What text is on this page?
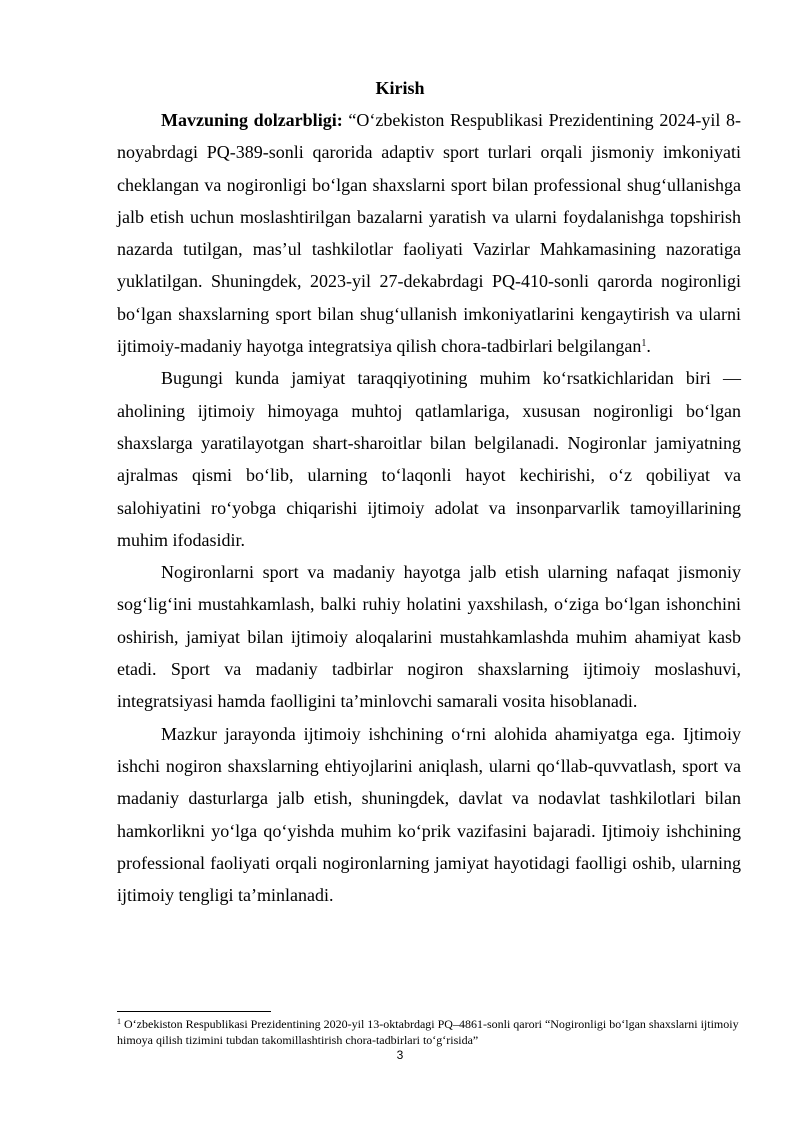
Kirish

Mavzuning dolzarbligi: “O‘zbekiston Respublikasi Prezidentining 2024-yil 8-noyabrdagi PQ-389-sonli qarorida adaptiv sport turlari orqali jismoniy imkoniyati cheklangan va nogironligi bo‘lgan shaxslarni sport bilan professional shug‘ullanishga jalb etish uchun moslashtirilgan bazalarni yaratish va ularni foydalanishga topshirish nazarda tutilgan, mas’ul tashkilotlar faoliyati Vazirlar Mahkamasining nazoratiga yuklatilgan. Shuningdek, 2023-yil 27-dekabrdagi PQ-410-sonli qarorda nogironligi bo‘lgan shaxslarning sport bilan shug‘ullanish imkoniyatlarini kengaytirish va ularni ijtimoiy-madaniy hayotga integratsiya qilish chora-tadbirlari belgilangan$^1$.

Bugungi kunda jamiyat taraqqiyotining muhim ko‘rsatkichlaridan biri — aholining ijtimoiy himoyaga muhtoj qatlamlariga, xususan nogironligi bo‘lgan shaxslarga yaratilayotgan shart-sharoitlar bilan belgilanadi. Nogironlar jamiyatning ajralmas qismi bo‘lib, ularning to‘laqonli hayot kechirishi, o‘z qobiliyat va salohiyatini ro‘yobga chiqarishi ijtimoiy adolat va insonparvarlik tamoyillarining muhim ifodasidir.

Nogironlarni sport va madaniy hayotga jalb etish ularning nafaqat jismoniy sog‘lig‘ini mustahkamlash, balki ruhiy holatini yaxshilash, o‘ziga bo‘lgan ishonchini oshirish, jamiyat bilan ijtimoiy aloqalarini mustahkamlashda muhim ahamiyat kasb etadi. Sport va madaniy tadbirlar nogiron shaxslarning ijtimoiy moslashuvi, integratsiyasi hamda faolligini ta’minlovchi samarali vosita hisoblanadi.

Mazkur jarayonda ijtimoiy ishchining o‘rni alohida ahamiyatga ega. Ijtimoiy ishchi nogiron shaxslarning ehtiyojlarini aniqlash, ularni qo‘llab-quvvatlash, sport va madaniy dasturlarga jalb etish, shuningdek, davlat va nodavlat tashkilotlari bilan hamkorlikni yo‘lga qo‘yishda muhim ko‘prik vazifasini bajaradi. Ijtimoiy ishchining professional faoliyati orqali nogironlarning jamiyat hayotidagi faolligi oshib, ularning ijtimoiy tengligi ta’minlanadi.

$^1$ O‘zbekiston Respublikasi Prezidentining 2020-yil 13-oktabrdagi PQ–4861-sonli qarori “Nogironligi bo‘lgan shaxslarni ijtimoiy himoya qilish tizimini tubdan takomillashtirish chora-tadbirlari to‘g‘risida”
3
